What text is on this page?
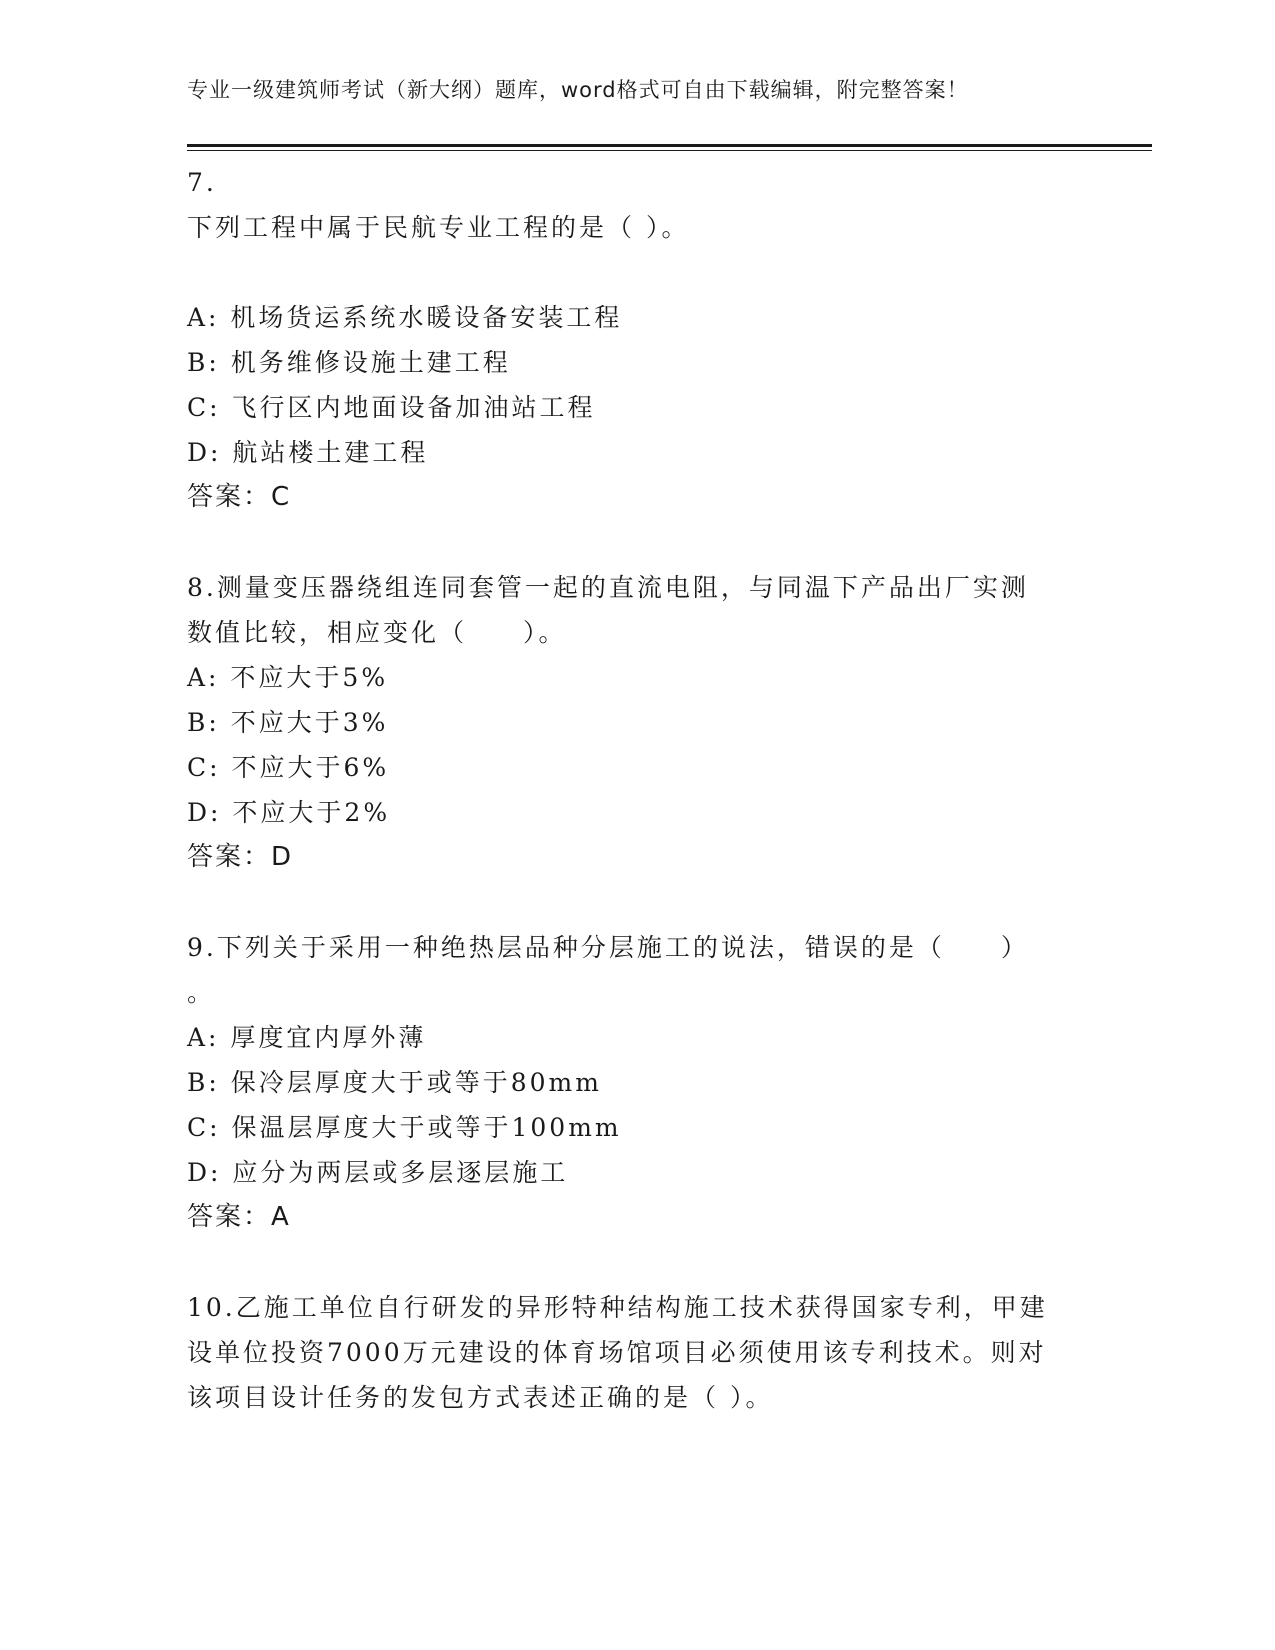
专业一级建筑师考试（新大纲）题库，word格式可自由下载编辑，附完整答案！
7.
下列工程中属于民航专业工程的是（ ）。
A: 机场货运系统水暖设备安装工程
B: 机务维修设施土建工程
C: 飞行区内地面设备加油站工程
D: 航站楼土建工程
答案：C
8.测量变压器绕组连同套管一起的直流电阻，与同温下产品出厂实测
数值比较，相应变化（　　）。
A: 不应大于5%
B: 不应大于3%
C: 不应大于6%
D: 不应大于2%
答案：D
9.下列关于采用一种绝热层品种分层施工的说法，错误的是（　　）
。
A: 厚度宜内厚外薄
B: 保冷层厚度大于或等于80mm
C: 保温层厚度大于或等于100mm
D: 应分为两层或多层逐层施工
答案：A
10.乙施工单位自行研发的异形特种结构施工技术获得国家专利，甲建
设单位投资7000万元建设的体育场馆项目必须使用该专利技术。则对
该项目设计任务的发包方式表述正确的是（ ）。
